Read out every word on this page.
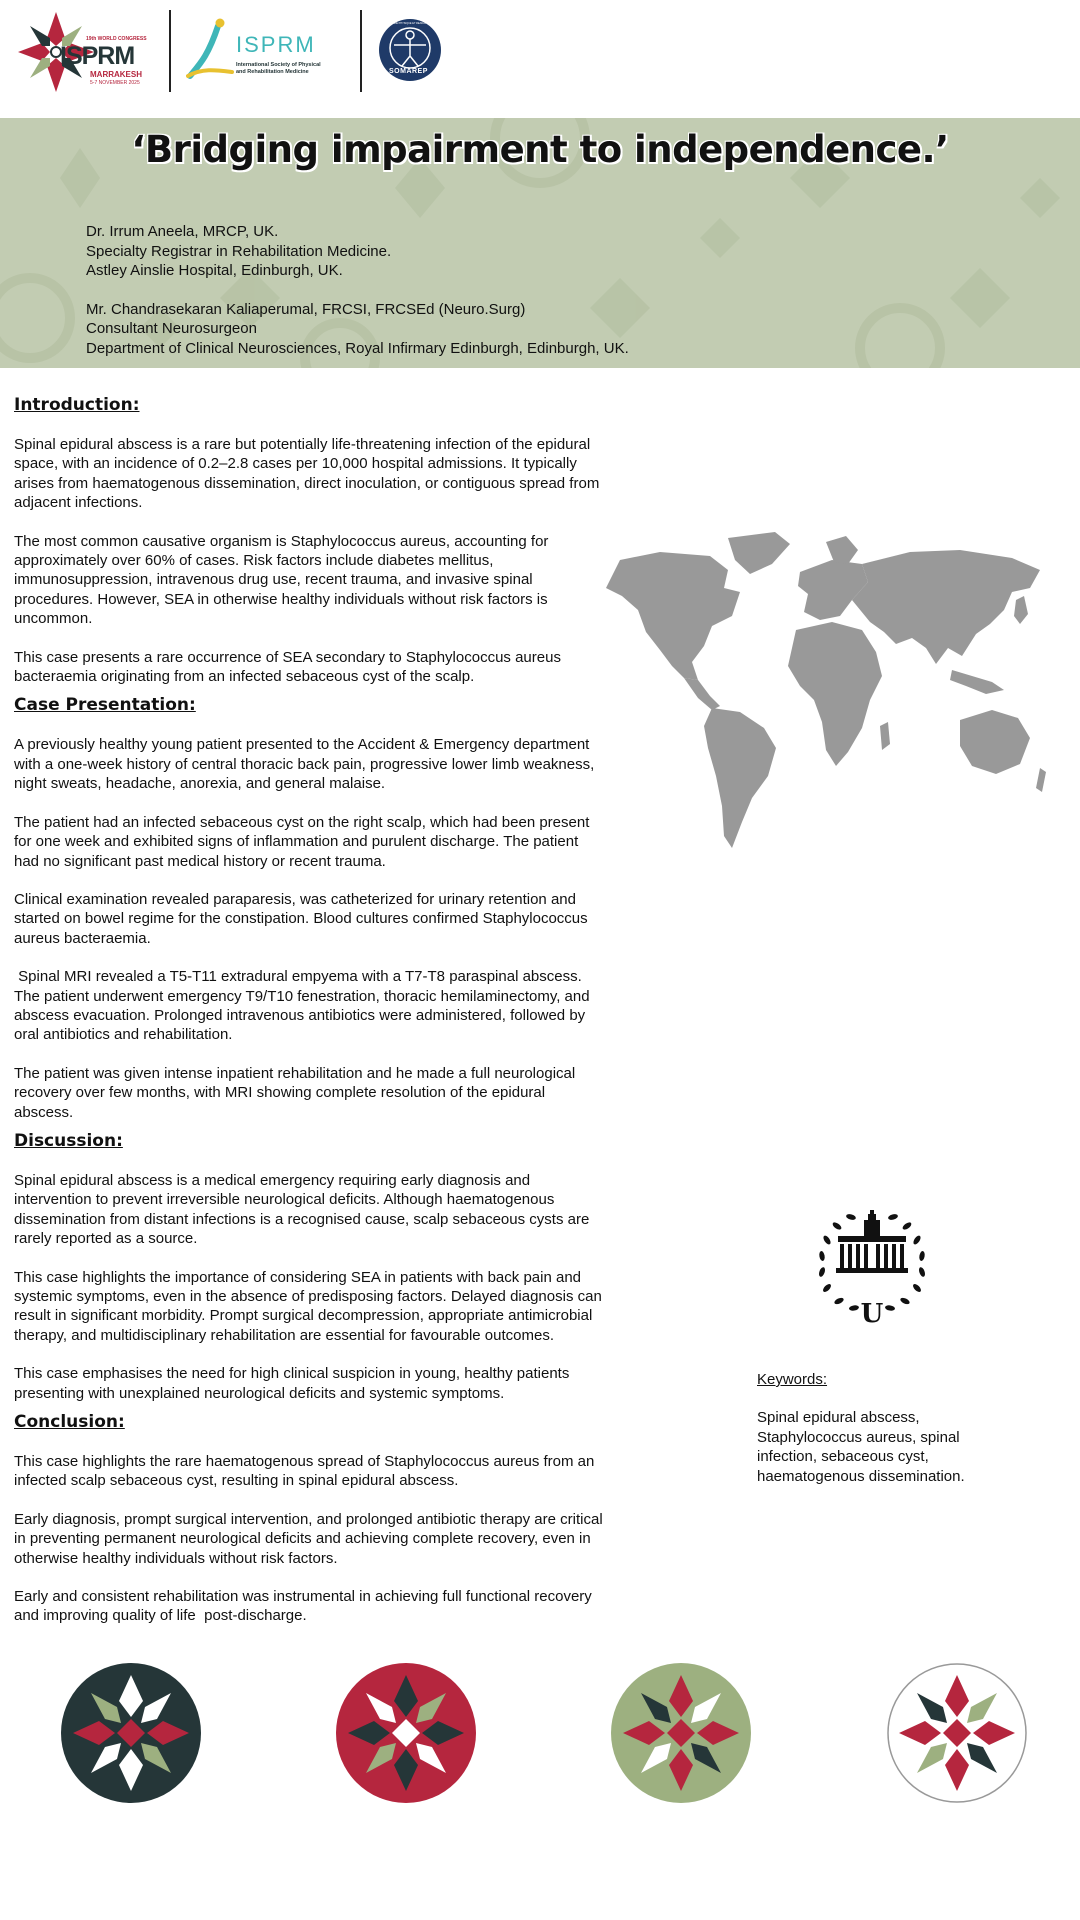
19th WORLD CONGRESS
ISPRM
MARRAKESH
5-7 NOVEMBER 2025
ISPRM
International Society of Physical
and Rehabilitation Medicine	SOMAREP
MEDECINE PHYSIQUE ET READAPTATION
‘Bridging impairment to independence.’

Dr. Irrum Aneela, MRCP, UK.

Specialty Registrar in Rehabilitation Medicine.

Astley Ainslie Hospital, Edinburgh, UK.

Mr. Chandrasekaran Kaliaperumal, FRCSI, FRCSEd (Neuro.Surg)

Consultant Neurosurgeon

Department of Clinical Neurosciences, Royal Infirmary Edinburgh, Edinburgh, UK.

Introduction:

Spinal epidural abscess is a rare but potentially life-threatening infection of the epidural space, with an incidence of 0.2–2.8 cases per 10,000 hospital admissions. It typically arises from haematogenous dissemination, direct inoculation, or contiguous spread from adjacent infections.

The most common causative organism is Staphylococcus aureus, accounting for approximately over 60% of cases. Risk factors include diabetes mellitus, immunosuppression, intravenous drug use, recent trauma, and invasive spinal procedures. However, SEA in otherwise healthy individuals without risk factors is uncommon.

This case presents a rare occurrence of SEA secondary to Staphylococcus aureus bacteraemia originating from an infected sebaceous cyst of the scalp.

Case Presentation:

A previously healthy young patient presented to the Accident & Emergency department with a one-week history of central thoracic back pain, progressive lower limb weakness, night sweats, headache, anorexia, and general malaise.

The patient had an infected sebaceous cyst on the right scalp, which had been present for one week and exhibited signs of inflammation and purulent discharge. The patient had no significant past medical history or recent trauma.

Clinical examination revealed paraparesis, was catheterized for urinary retention and started on bowel regime for the constipation. Blood cultures confirmed Staphylococcus aureus bacteraemia.

Spinal MRI revealed a T5-T11 extradural empyema with a T7-T8 paraspinal abscess. The patient underwent emergency T9/T10 fenestration, thoracic hemilaminectomy, and abscess evacuation. Prolonged intravenous antibiotics were administered, followed by oral antibiotics and rehabilitation.

The patient was given intense inpatient rehabilitation and he made a full neurological recovery over few months, with MRI showing complete resolution of the epidural abscess.

Discussion:

Spinal epidural abscess is a medical emergency requiring early diagnosis and intervention to prevent irreversible neurological deficits. Although haematogenous dissemination from distant infections is a recognised cause, scalp sebaceous cysts are rarely reported as a source.

This case highlights the importance of considering SEA in patients with back pain and systemic symptoms, even in the absence of predisposing factors. Delayed diagnosis can result in significant morbidity. Prompt surgical decompression, appropriate antimicrobial therapy, and multidisciplinary rehabilitation are essential for favourable outcomes.

This case emphasises the need for high clinical suspicion in young, healthy patients presenting with unexplained neurological deficits and systemic symptoms.

Conclusion:

This case highlights the rare haematogenous spread of Staphylococcus aureus from an infected scalp sebaceous cyst, resulting in spinal epidural abscess.

Early diagnosis, prompt surgical intervention, and prolonged antibiotic therapy are critical in preventing permanent neurological deficits and achieving complete recovery, even in otherwise healthy individuals without risk factors.

Early and consistent rehabilitation was instrumental in achieving full functional recovery and improving quality of life  post-discharge.

U
Keywords:

Spinal epidural abscess, Staphylococcus aureus, spinal infection, sebaceous cyst, haematogenous dissemination.
